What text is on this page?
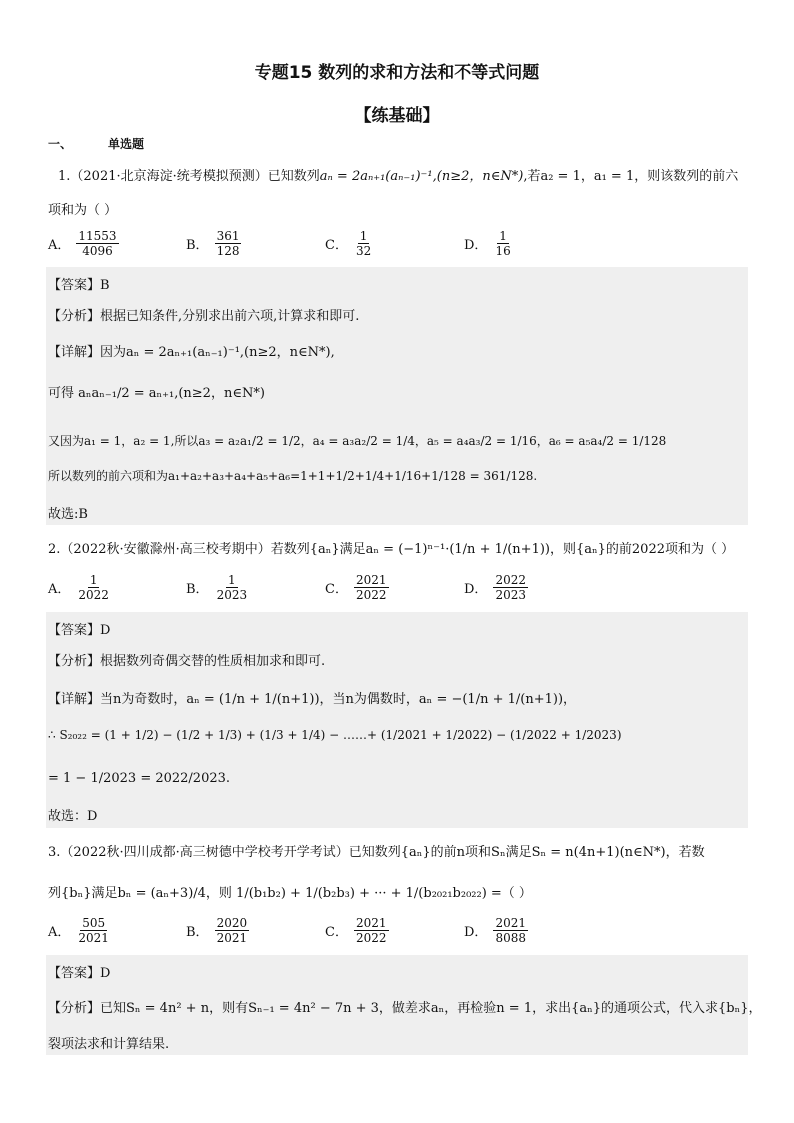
专题15 数列的求和方法和不等式问题
【练基础】
一、	单选题
1.（2021·北京海淀·统考模拟预测）已知数列aₙ = 2aₙ₊₁(aₙ₋₁)⁻¹,(n≥2，n∈N*),若a₂ = 1，a₁ = 1，则该数列的前六
项和为（ ）
A． $\frac{11553}{4096}$	B． $\frac{361}{128}$	C． $\frac{1}{32}$	D． $\frac{1}{16}$
【答案】B
【分析】根据已知条件,分别求出前六项,计算求和即可.
【详解】因为aₙ = 2aₙ₊₁(aₙ₋₁)⁻¹,(n≥2，n∈N*),
可得 aₙaₙ₋₁/2 = aₙ₊₁,(n≥2，n∈N*)
又因为a₁ = 1，a₂ = 1,所以a₃ = a₂a₁/2 = 1/2，a₄ = a₃a₂/2 = 1/4，a₅ = a₄a₃/2 = 1/16，a₆ = a₅a₄/2 = 1/128
所以数列的前六项和为a₁+a₂+a₃+a₄+a₅+a₆=1+1+1/2+1/4+1/16+1/128 = 361/128.
故选:B
2.（2022秋·安徽滁州·高三校考期中）若数列{aₙ}满足aₙ = (−1)ⁿ⁻¹·(1/n + 1/(n+1))，则{aₙ}的前2022项和为（ ）
A． $\frac{1}{2022}$	B． $\frac{1}{2023}$	C． $\frac{2021}{2022}$	D． $\frac{2022}{2023}$
【答案】D
【分析】根据数列奇偶交替的性质相加求和即可.
【详解】当n为奇数时，aₙ = (1/n + 1/(n+1))，当n为偶数时，aₙ = −(1/n + 1/(n+1))，
∴ S₂₀₂₂ = (1 + 1/2) − (1/2 + 1/3) + (1/3 + 1/4) − ……+ (1/2021 + 1/2022) − (1/2022 + 1/2023)
= 1 − 1/2023 = 2022/2023.
故选：D
3.（2022秋·四川成都·高三树德中学校考开学考试）已知数列{aₙ}的前n项和Sₙ满足Sₙ = n(4n+1)(n∈N*)，若数
列{bₙ}满足bₙ = (aₙ+3)/4，则 1/(b₁b₂) + 1/(b₂b₃) + ··· + 1/(b₂₀₂₁b₂₀₂₂) =（ ）
A． $\frac{505}{2021}$	B． $\frac{2020}{2021}$	C． $\frac{2021}{2022}$	D． $\frac{2021}{8088}$
【答案】D
【分析】已知Sₙ = 4n² + n，则有Sₙ₋₁ = 4n² − 7n + 3，做差求aₙ，再检验n = 1，求出{aₙ}的通项公式，代入求{bₙ}，
裂项法求和计算结果.
